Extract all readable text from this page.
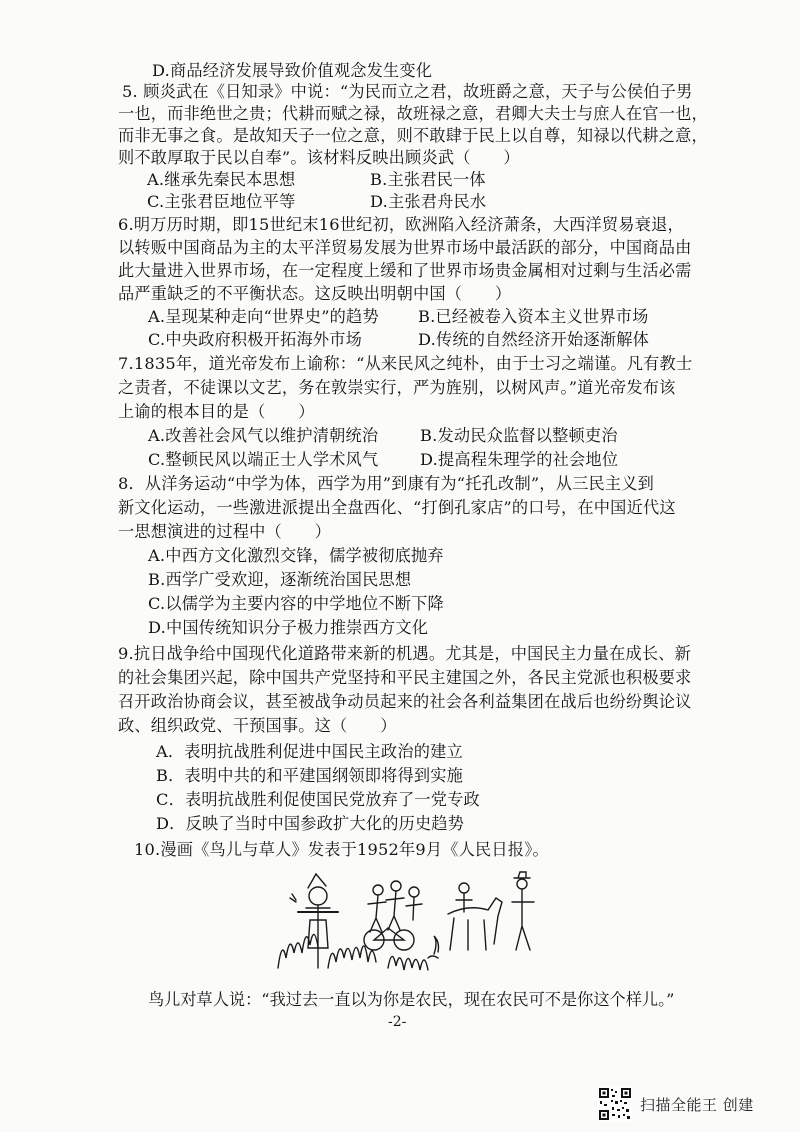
D.商品经济发展导致价值观念发生变化
5. 顾炎武在《日知录》中说：“为民而立之君，故班爵之意，天子与公侯伯子男
一也，而非绝世之贵；代耕而赋之禄，故班禄之意，君卿大夫士与庶人在官一也，
而非无事之食。是故知天子一位之意，则不敢肆于民上以自尊，知禄以代耕之意，
则不敢厚取于民以自奉”。该材料反映出顾炎武（　　）
A.继承先秦民本思想	B.主张君民一体
C.主张君臣地位平等	D.主张君舟民水
6.明万历时期，即15世纪末16世纪初，欧洲陷入经济萧条，大西洋贸易衰退，
以转贩中国商品为主的太平洋贸易发展为世界市场中最活跃的部分，中国商品由
此大量进入世界市场，在一定程度上缓和了世界市场贵金属相对过剩与生活必需
品严重缺乏的不平衡状态。这反映出明朝中国（　　）
A.呈现某种走向“世界史”的趋势 B.已经被卷入资本主义世界市场
C.中央政府积极开拓海外市场	D.传统的自然经济开始逐渐解体
7.1835年，道光帝发布上谕称：“从来民风之纯朴，由于士习之端谨。凡有教士
之责者，不徒课以文艺，务在敦崇实行，严为旌别，以树风声。”道光帝发布该
上谕的根本目的是（　　）
A.改善社会风气以维护清朝统治	B.发动民众监督以整顿吏治
C.整顿民风以端正士人学术风气	D.提高程朱理学的社会地位
8．从洋务运动“中学为体，西学为用”到康有为“托孔改制”，从三民主义到
新文化运动，一些激进派提出全盘西化、“打倒孔家店”的口号，在中国近代这
一思想演进的过程中（　　）
A.中西方文化激烈交锋，儒学被彻底抛弃
B.西学广受欢迎，逐渐统治国民思想
C.以儒学为主要内容的中学地位不断下降
D.中国传统知识分子极力推崇西方文化
9.抗日战争给中国现代化道路带来新的机遇。尤其是，中国民主力量在成长、新
的社会集团兴起，除中国共产党坚持和平民主建国之外，各民主党派也积极要求
召开政治协商会议，甚至被战争动员起来的社会各利益集团在战后也纷纷舆论议
政、组织政党、干预国事。这（　　）
A．表明抗战胜利促进中国民主政治的建立
B．表明中共的和平建国纲领即将得到实施
C．表明抗战胜利促使国民党放弃了一党专政
D．反映了当时中国参政扩大化的历史趋势
10.漫画《鸟儿与草人》发表于1952年9月《人民日报》。
鸟儿对草人说：“我过去一直以为你是农民，现在农民可不是你这个样儿。”
-2-
扫描全能王 创建
